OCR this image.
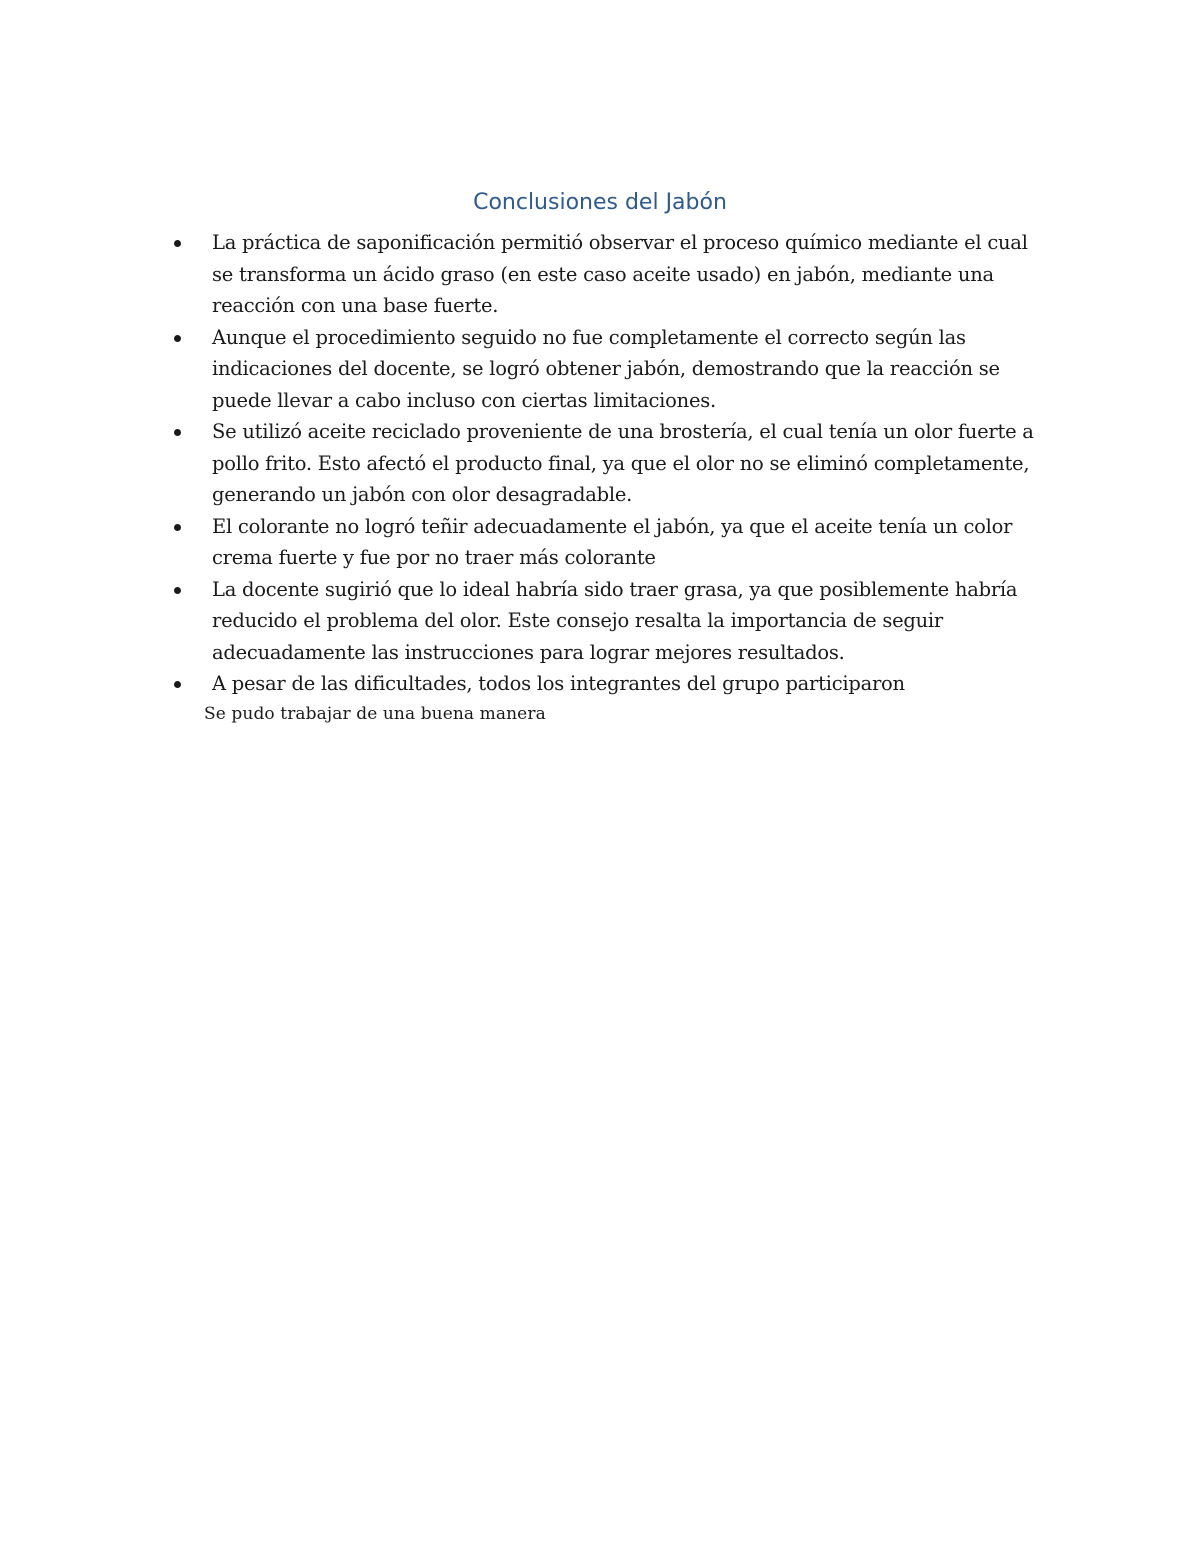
Conclusiones del Jabón
La práctica de saponificación permitió observar el proceso químico mediante el cual se transforma un ácido graso (en este caso aceite usado) en jabón, mediante una reacción con una base fuerte.
Aunque el procedimiento seguido no fue completamente el correcto según las indicaciones del docente, se logró obtener jabón, demostrando que la reacción se puede llevar a cabo incluso con ciertas limitaciones.
Se utilizó aceite reciclado proveniente de una brostería, el cual tenía un olor fuerte a pollo frito. Esto afectó el producto final, ya que el olor no se eliminó completamente, generando un jabón con olor desagradable.
El colorante no logró teñir adecuadamente el jabón, ya que el aceite tenía un color crema fuerte y fue por no traer más colorante
La docente sugirió que lo ideal habría sido traer grasa, ya que posiblemente habría reducido el problema del olor. Este consejo resalta la importancia de seguir adecuadamente las instrucciones para lograr mejores resultados.
A pesar de las dificultades, todos los integrantes del grupo participaron

Se pudo trabajar de una buena manera
